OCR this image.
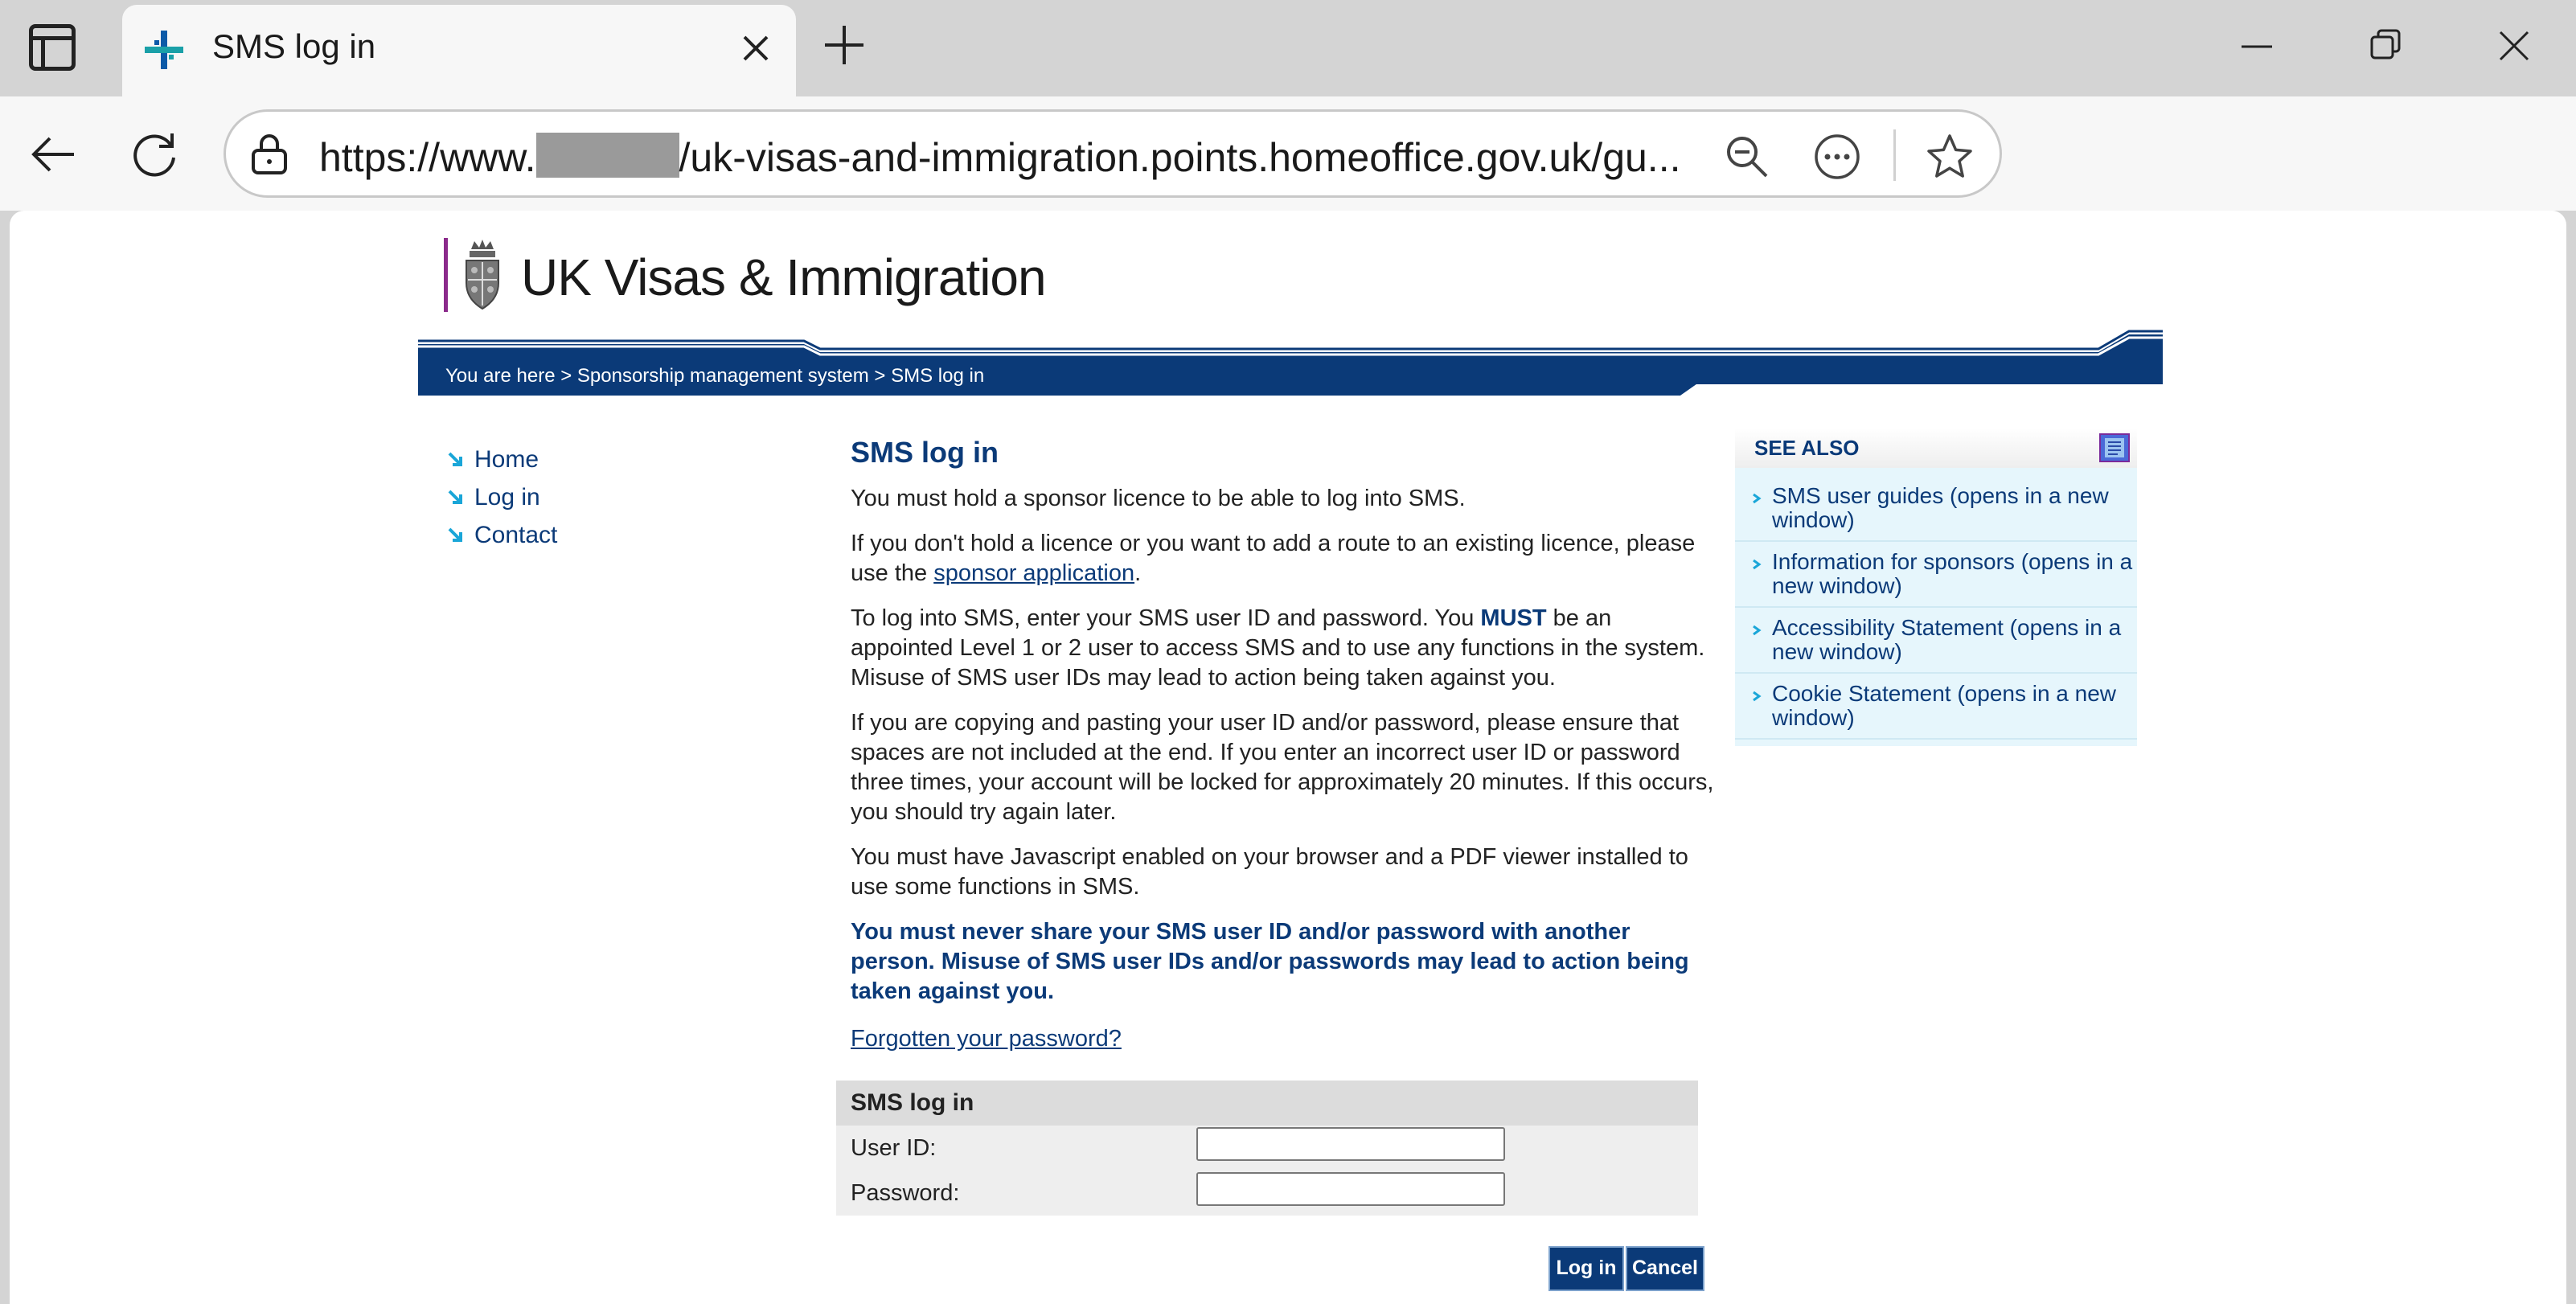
SMS log in
https://www.	/uk-visas-and-immigration.points.homeoffice.gov.uk/gu...
UK Visas & Immigration
You are here > Sponsorship management system > SMS log in
Home
Log in
Contact
SMS log in

You must hold a sponsor licence to be able to log into SMS.

If you don't hold a licence or you want to add a route to an existing licence, please use the sponsor application.

To log into SMS, enter your SMS user ID and password. You MUST be an appointed Level 1 or 2 user to access SMS and to use any functions in the system. Misuse of SMS user IDs may lead to action being taken against you.

If you are copying and pasting your user ID and/or password, please ensure that spaces are not included at the end. If you enter an incorrect user ID or password three times, your account will be locked for approximately 20 minutes. If this occurs, you should try again later.

You must have Javascript enabled on your browser and a PDF viewer installed to use some functions in SMS.

You must never share your SMS user ID and/or password with another person. Misuse of SMS user IDs and/or passwords may lead to action being taken against you.

Forgotten your password?

SMS log in
User ID:
Password:
Log in Cancel
SEE ALSO
SMS user guides (opens in a new window)
Information for sponsors (opens in a new window)
Accessibility Statement (opens in a new window)
Cookie Statement (opens in a new window)
